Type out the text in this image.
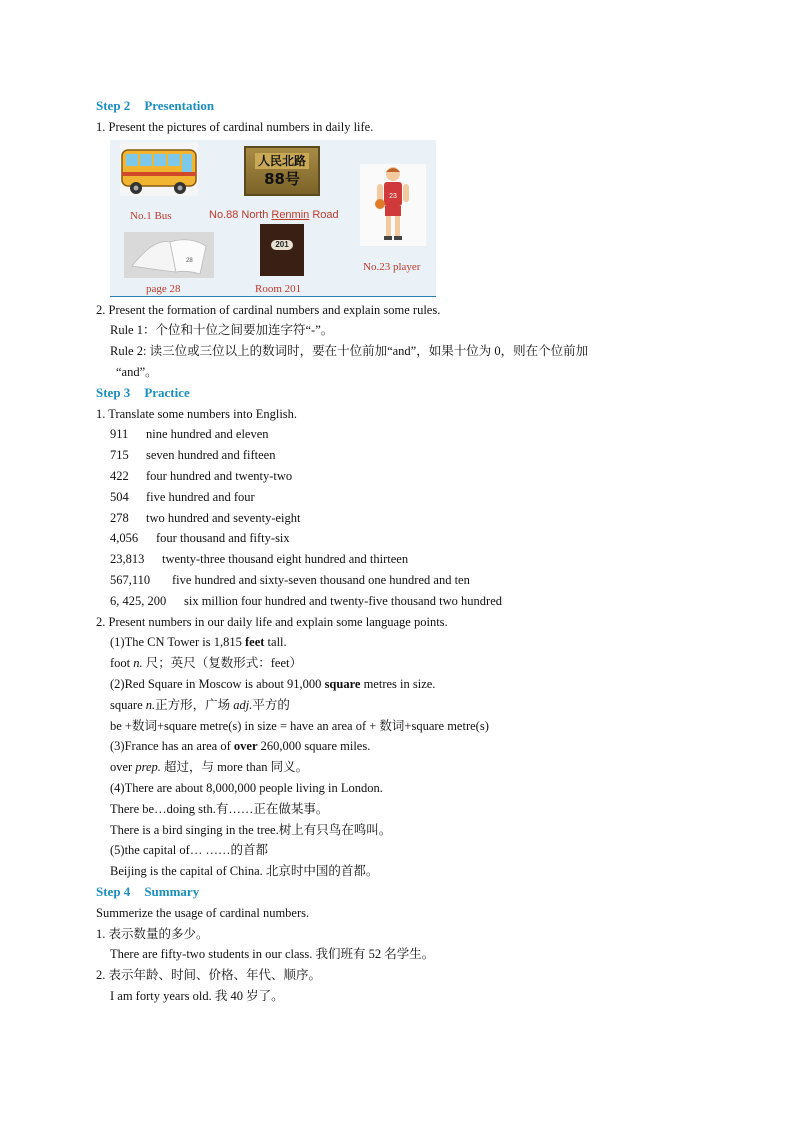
Step 2 Presentation
1. Present the pictures of cardinal numbers in daily life.
No.1 Bus
人民北路
88号
No.88 North Renmin Road
23
No.23 player
28
page 28
201
Room 201
2. Present the formation of cardinal numbers and explain some rules.
Rule 1：个位和十位之间要加连字符“-”。
Rule 2: 读三位或三位以上的数词时，要在十位前加“and”，如果十位为 0，则在个位前加
“and”。
Step 3 Practice
1. Translate some numbers into English.
911 nine hundred and eleven
715 seven hundred and fifteen
422 four hundred and twenty-two
504 five hundred and four
278 two hundred and seventy-eight
4,056 four thousand and fifty-six
23,813 twenty-three thousand eight hundred and thirteen
567,110 five hundred and sixty-seven thousand one hundred and ten
6, 425, 200 six million four hundred and twenty-five thousand two hundred
2. Present numbers in our daily life and explain some language points.
(1)The CN Tower is 1,815 feet tall.
foot n. 尺；英尺（复数形式：feet）
(2)Red Square in Moscow is about 91,000 square metres in size.
square n.正方形，广场 adj.平方的
be +数词+square metre(s) in size = have an area of + 数词+square metre(s)
(3)France has an area of over 260,000 square miles.
over prep. 超过，与 more than 同义。
(4)There are about 8,000,000 people living in London.
There be…doing sth.有……正在做某事。
There is a bird singing in the tree.树上有只鸟在鸣叫。
(5)the capital of… ……的首都
Beijing is the capital of China. 北京时中国的首都。
Step 4 Summary
Summerize the usage of cardinal numbers.
1. 表示数量的多少。
There are fifty-two students in our class. 我们班有 52 名学生。
2. 表示年龄、时间、价格、年代、顺序。
I am forty years old. 我 40 岁了。
